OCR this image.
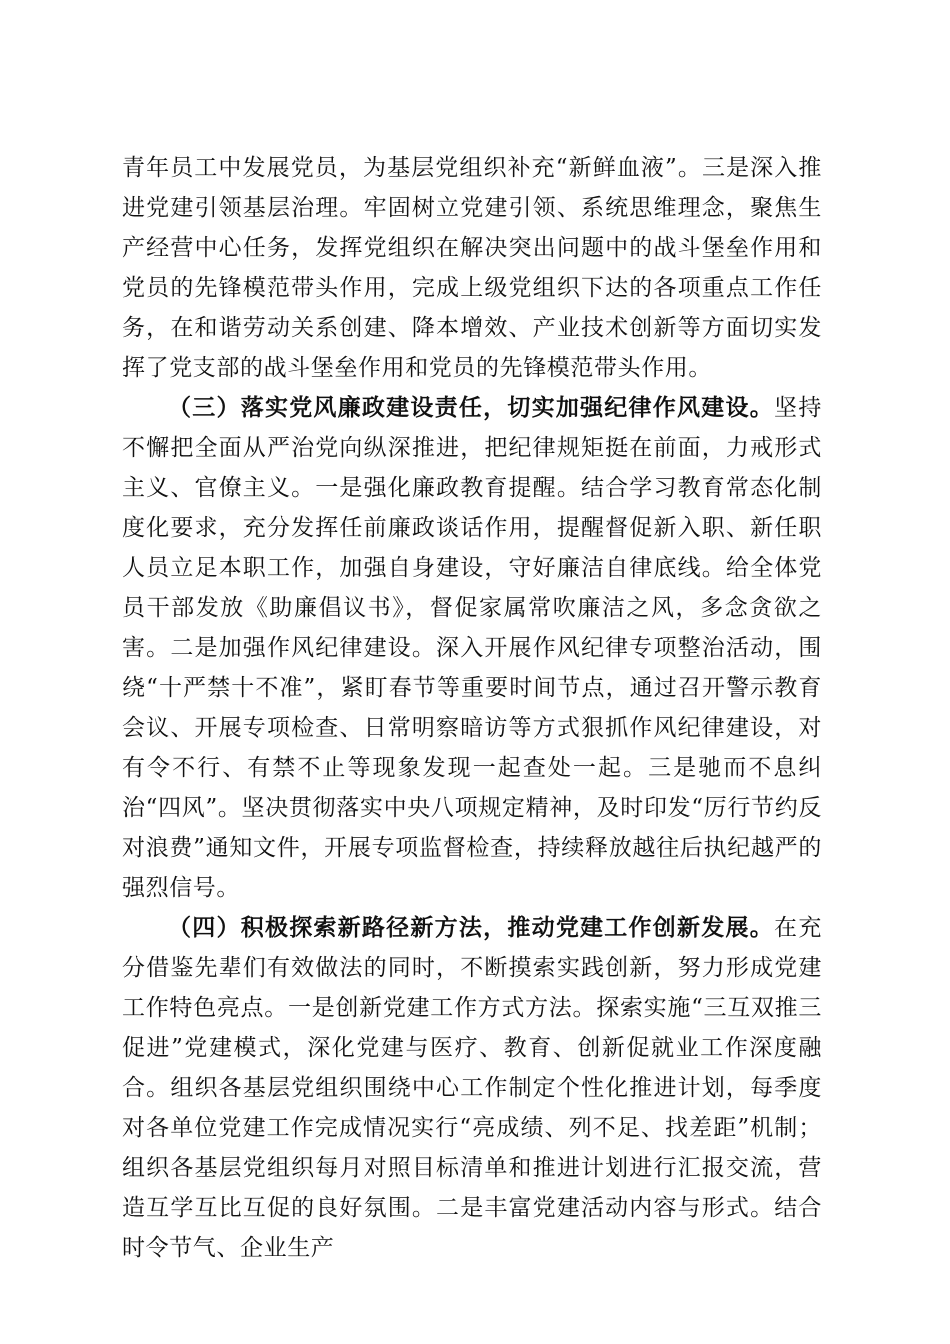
青年员工中发展党员，为基层党组织补充“新鲜血液”。三是深入推进党建引领基层治理。牢固树立党建引领、系统思维理念，聚焦生产经营中心任务，发挥党组织在解决突出问题中的战斗堡垒作用和党员的先锋模范带头作用，完成上级党组织下达的各项重点工作任务，在和谐劳动关系创建、降本增效、产业技术创新等方面切实发挥了党支部的战斗堡垒作用和党员的先锋模范带头作用。

（三）落实党风廉政建设责任，切实加强纪律作风建设。坚持不懈把全面从严治党向纵深推进，把纪律规矩挺在前面，力戒形式主义、官僚主义。一是强化廉政教育提醒。结合学习教育常态化制度化要求，充分发挥任前廉政谈话作用，提醒督促新入职、新任职人员立足本职工作，加强自身建设，守好廉洁自律底线。给全体党员干部发放《助廉倡议书》，督促家属常吹廉洁之风，多念贪欲之害。二是加强作风纪律建设。深入开展作风纪律专项整治活动，围绕“十严禁十不准”，紧盯春节等重要时间节点，通过召开警示教育会议、开展专项检查、日常明察暗访等方式狠抓作风纪律建设，对有令不行、有禁不止等现象发现一起查处一起。三是驰而不息纠治“四风”。坚决贯彻落实中央八项规定精神，及时印发“厉行节约反对浪费”通知文件，开展专项监督检查，持续释放越往后执纪越严的强烈信号。

（四）积极探索新路径新方法，推动党建工作创新发展。在充分借鉴先辈们有效做法的同时，不断摸索实践创新，努力形成党建工作特色亮点。一是创新党建工作方式方法。探索实施“三互双推三促进”党建模式，深化党建与医疗、教育、创新促就业工作深度融合。组织各基层党组织围绕中心工作制定个性化推进计划，每季度对各单位党建工作完成情况实行“亮成绩、列不足、找差距”机制；组织各基层党组织每月对照目标清单和推进计划进行汇报交流，营造互学互比互促的良好氛围。二是丰富党建活动内容与形式。结合时令节气、企业生产
